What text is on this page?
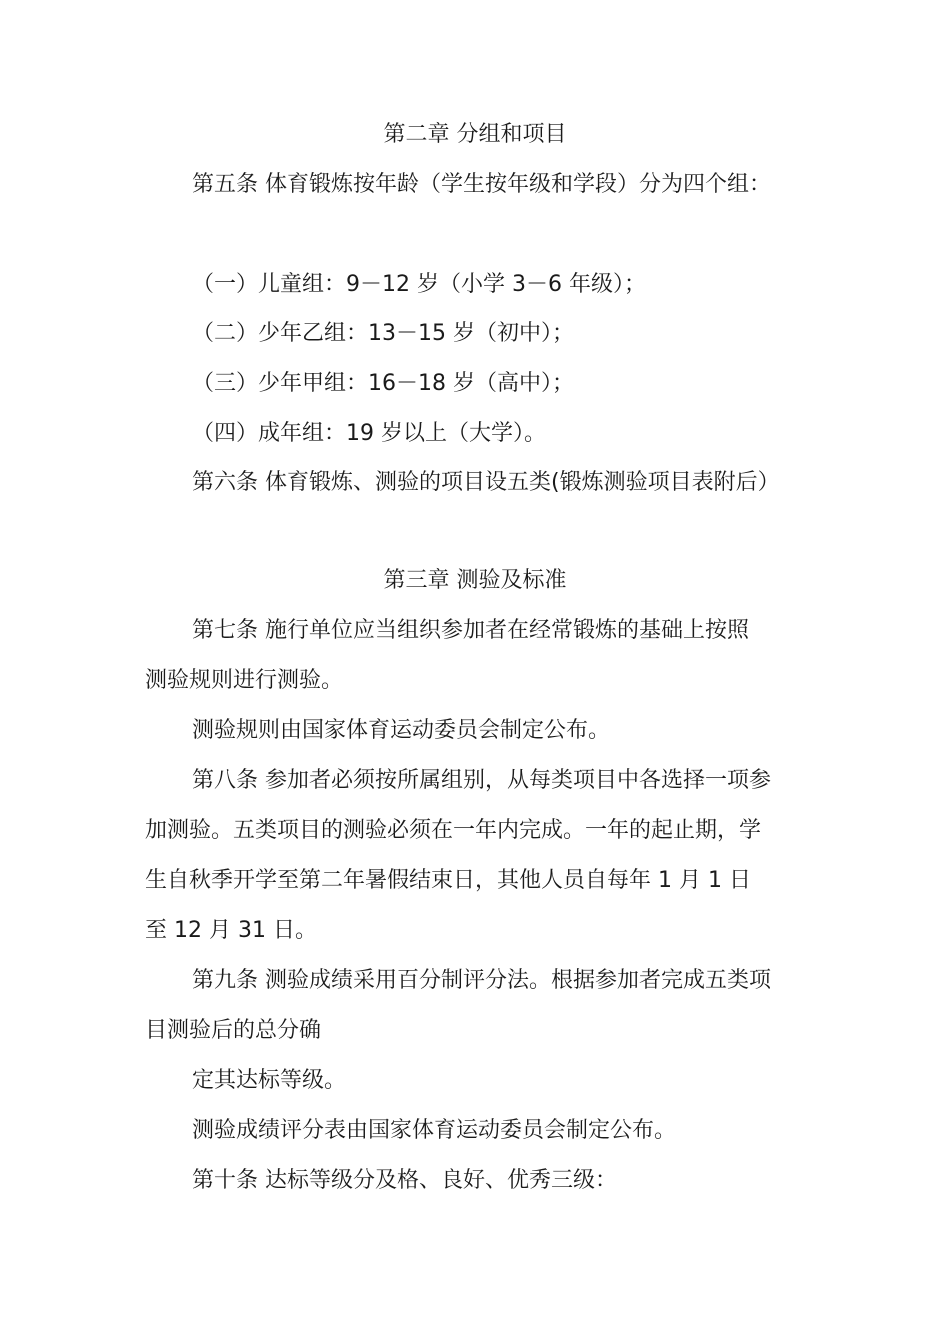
第二章 分组和项目

第五条 体育锻炼按年龄（学生按年级和学段）分为四个组：

（一）儿童组：9－12 岁（小学 3－6 年级）；

（二）少年乙组：13－15 岁（初中）；

（三）少年甲组：16－18 岁（高中）；

（四）成年组：19 岁以上（大学）。

第六条 体育锻炼、测验的项目设五类(锻炼测验项目表附后）

第三章 测验及标准

第七条 施行单位应当组织参加者在经常锻炼的基础上按照

测验规则进行测验。

测验规则由国家体育运动委员会制定公布。

第八条 参加者必须按所属组别，从每类项目中各选择一项参

加测验。五类项目的测验必须在一年内完成。一年的起止期，学

生自秋季开学至第二年暑假结束日，其他人员自每年 1 月 1 日

至 12 月 31 日。

第九条 测验成绩采用百分制评分法。根据参加者完成五类项

目测验后的总分确

定其达标等级。

测验成绩评分表由国家体育运动委员会制定公布。

第十条 达标等级分及格、良好、优秀三级：
